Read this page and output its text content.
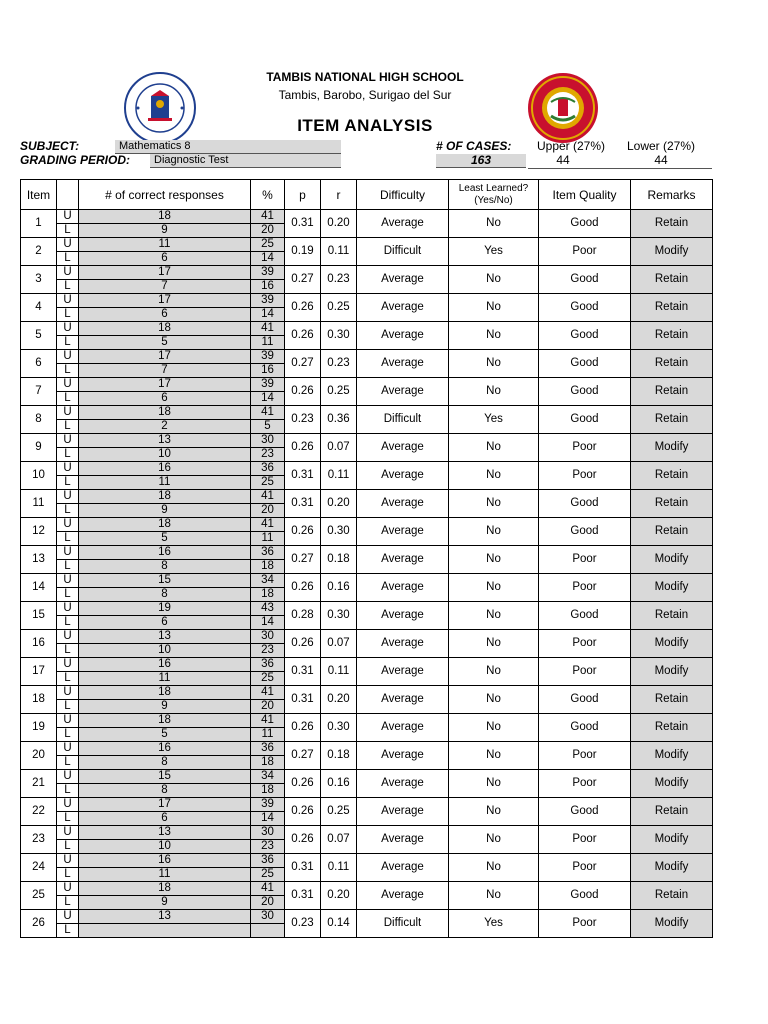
TAMBIS NATIONAL HIGH SCHOOL
Tambis, Barobo, Surigao del Sur
ITEM ANALYSIS
SUBJECT:	Mathematics 8
GRADING PERIOD:	Diagnostic Test
# OF CASES:	Upper (27%)	Lower (27%)
163	44	44
Item		# of correct responses	%	p	r	Difficulty	Least Learned? (Yes/No)	Item Quality	Remarks
1	U	18	41	0.31	0.20	Average	No	Good	Retain
	L	9	20						
2	U	11	25	0.19	0.11	Difficult	Yes	Poor	Modify
	L	6	14						
3	U	17	39	0.27	0.23	Average	No	Good	Retain
	L	7	16						
4	U	17	39	0.26	0.25	Average	No	Good	Retain
	L	6	14						
5	U	18	41	0.26	0.30	Average	No	Good	Retain
	L	5	11						
6	U	17	39	0.27	0.23	Average	No	Good	Retain
	L	7	16						
7	U	17	39	0.26	0.25	Average	No	Good	Retain
	L	6	14						
8	U	18	41	0.23	0.36	Difficult	Yes	Good	Retain
	L	2	5						
9	U	13	30	0.26	0.07	Average	No	Poor	Modify
	L	10	23						
10	U	16	36	0.31	0.11	Average	No	Poor	Retain
	L	11	25						
11	U	18	41	0.31	0.20	Average	No	Good	Retain
	L	9	20						
12	U	18	41	0.26	0.30	Average	No	Good	Retain
	L	5	11						
13	U	16	36	0.27	0.18	Average	No	Poor	Modify
	L	8	18						
14	U	15	34	0.26	0.16	Average	No	Poor	Modify
	L	8	18						
15	U	19	43	0.28	0.30	Average	No	Good	Retain
	L	6	14						
16	U	13	30	0.26	0.07	Average	No	Poor	Modify
	L	10	23						
17	U	16	36	0.31	0.11	Average	No	Poor	Modify
	L	11	25						
18	U	18	41	0.31	0.20	Average	No	Good	Retain
	L	9	20						
19	U	18	41	0.26	0.30	Average	No	Good	Retain
	L	5	11						
20	U	16	36	0.27	0.18	Average	No	Poor	Modify
	L	8	18						
21	U	15	34	0.26	0.16	Average	No	Poor	Modify
	L	8	18						
22	U	17	39	0.26	0.25	Average	No	Good	Retain
	L	6	14						
23	U	13	30	0.26	0.07	Average	No	Poor	Modify
	L	10	23						
24	U	16	36	0.31	0.11	Average	No	Poor	Modify
	L	11	25						
25	U	18	41	0.31	0.20	Average	No	Good	Retain
	L	9	20						
26	U	13	30	0.23	0.14	Difficult	Yes	Poor	Modify
	L								
